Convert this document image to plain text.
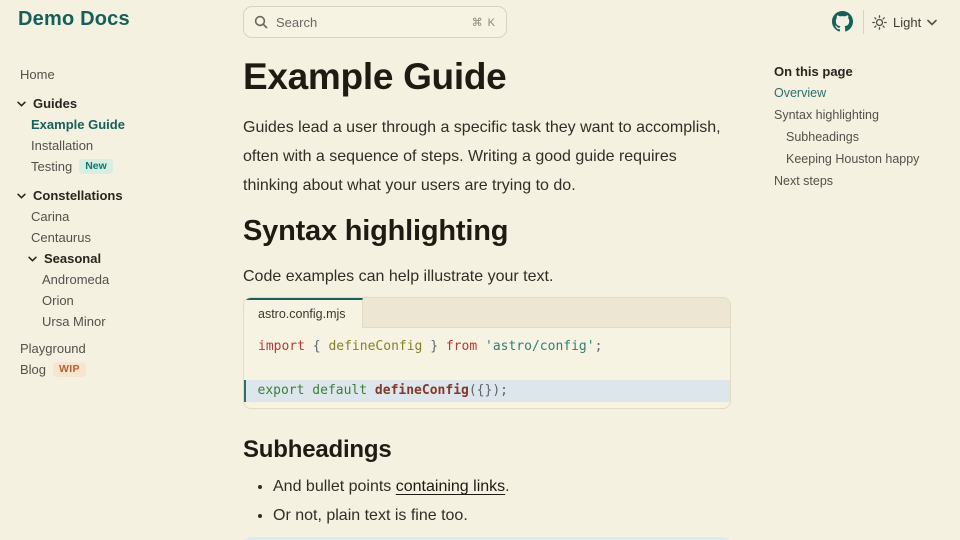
Demo Docs	Search	⌘ K	Light
Home
Guides
Example Guide
Installation
Testing	New
Constellations
Carina
Centaurus
Seasonal
Andromeda
Orion
Ursa Minor
Playground
Blog	WIP
Example Guide

Guides lead a user through a specific task they want to accomplish, often with a sequence of steps. Writing a good guide requires thinking about what your users are trying to do.

Syntax highlighting

Code examples can help illustrate your text.

astro.config.mjs
import { defineConfig } from 'astro/config';

export default defineConfig({});
Subheadings
• And bullet points containing links.
• Or not, plain text is fine too.
On this page
Overview
Syntax highlighting
Subheadings
Keeping Houston happy
Next steps
